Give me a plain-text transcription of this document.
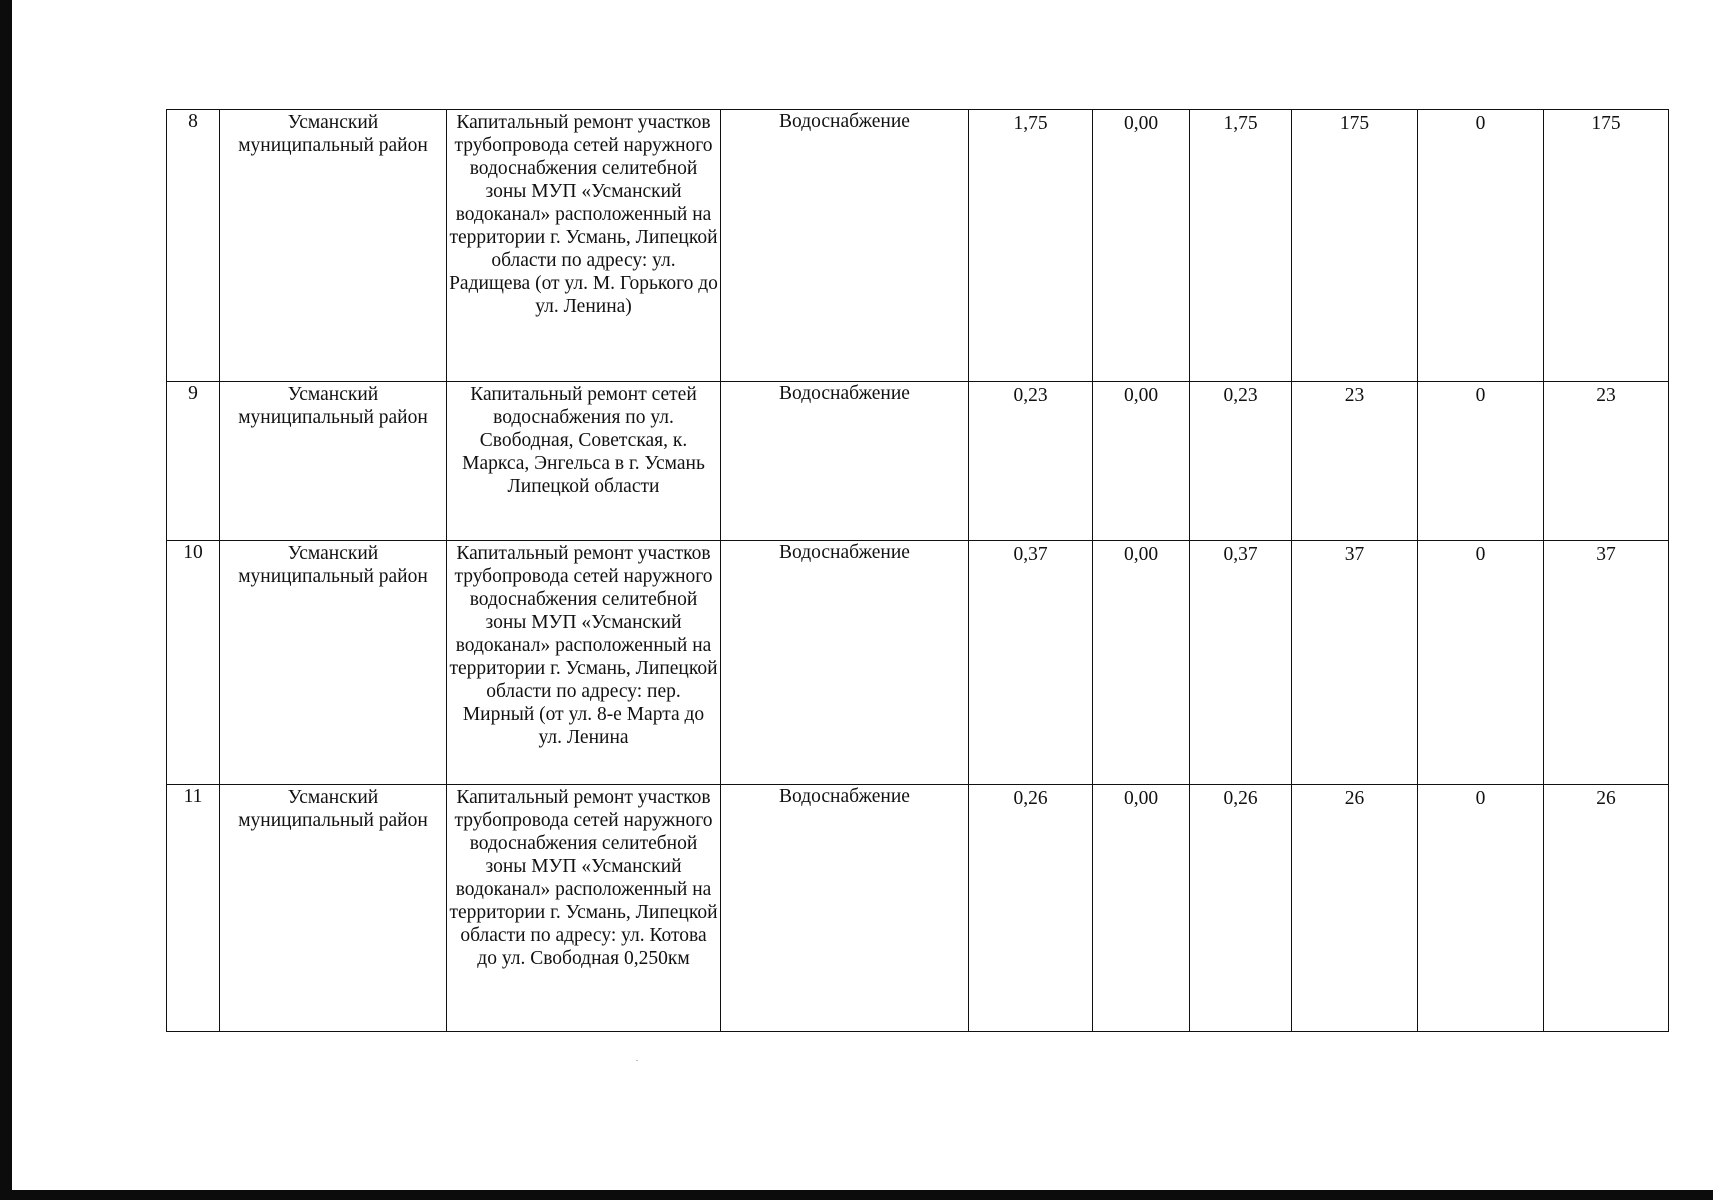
8	Усманский муниципальный район	Капитальный ремонт участков трубопровода сетей наружного водоснабжения селитебной зоны МУП «Усманский водоканал» расположенный на территории г. Усмань, Липецкой области по адресу: ул. Радищева (от ул. М. Горького до ул. Ленина)	Водоснабжение	1,75	0,00	1,75	175	0	175
9	Усманский муниципальный район	Капитальный ремонт сетей водоснабжения по ул. Свободная, Советская, к. Маркса, Энгельса в г. Усмань Липецкой области	Водоснабжение	0,23	0,00	0,23	23	0	23
10	Усманский муниципальный район	Капитальный ремонт участков трубопровода сетей наружного водоснабжения селитебной зоны МУП «Усманский водоканал» расположенный на территории г. Усмань, Липецкой области по адресу: пер. Мирный (от ул. 8-е Марта до ул. Ленина	Водоснабжение	0,37	0,00	0,37	37	0	37
11	Усманский муниципальный район	Капитальный ремонт участков трубопровода сетей наружного водоснабжения селитебной зоны МУП «Усманский водоканал» расположенный на территории г. Усмань, Липецкой области по адресу: ул. Котова до ул. Свободная 0,250км	Водоснабжение	0,26	0,00	0,26	26	0	26
